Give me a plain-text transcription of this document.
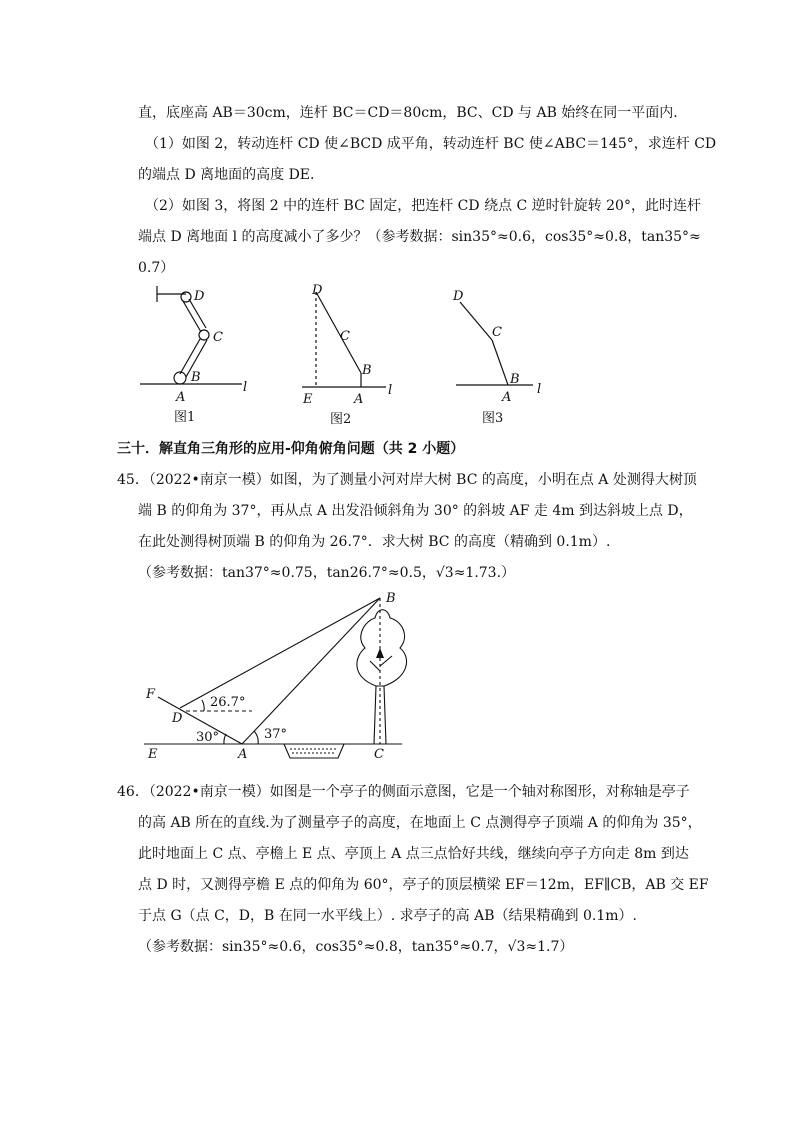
直，底座高 AB＝30cm，连杆 BC＝CD＝80cm，BC、CD 与 AB 始终在同一平面内.
（1）如图 2，转动连杆 CD 使∠BCD 成平角，转动连杆 BC 使∠ABC＝145°，求连杆 CD
的端点 D 离地面的高度 DE.
（2）如图 3，将图 2 中的连杆 BC 固定，把连杆 CD 绕点 C 逆时针旋转 20°，此时连杆
端点 D 离地面 l 的高度减小了多少？（参考数据：sin35°≈0.6，cos35°≈0.8，tan35°≈
0.7）
D
C
B
A
l
图1
D
C
B
E	A
l
图2
D
C
B
A
l
图3
三十．解直角三角形的应用-仰角俯角问题（共 2 小题）
45．（2022•南京一模）如图，为了测量小河对岸大树 BC 的高度，小明在点 A 处测得大树顶
端 B 的仰角为 37°，再从点 A 出发沿倾斜角为 30° 的斜坡 AF 走 4m 到达斜坡上点 D，
在此处测得树顶端 B 的仰角为 26.7°．求大树 BC 的高度（精确到 0.1m）.
（参考数据：tan37°≈0.75，tan26.7°≈0.5，√3≈1.73.）
B
F
D
E	A	C
26.7°
30°	37°
46．（2022•南京一模）如图是一个亭子的侧面示意图，它是一个轴对称图形，对称轴是亭子
的高 AB 所在的直线.为了测量亭子的高度，在地面上 C 点测得亭子顶端 A 的仰角为 35°，
此时地面上 C 点、亭檐上 E 点、亭顶上 A 点三点恰好共线，继续向亭子方向走 8m 到达
点 D 时，又测得亭檐 E 点的仰角为 60°，亭子的顶层横梁 EF＝12m，EF∥CB，AB 交 EF
于点 G（点 C，D，B 在同一水平线上）. 求亭子的高 AB（结果精确到 0.1m）.
（参考数据：sin35°≈0.6，cos35°≈0.8，tan35°≈0.7，√3≈1.7）
